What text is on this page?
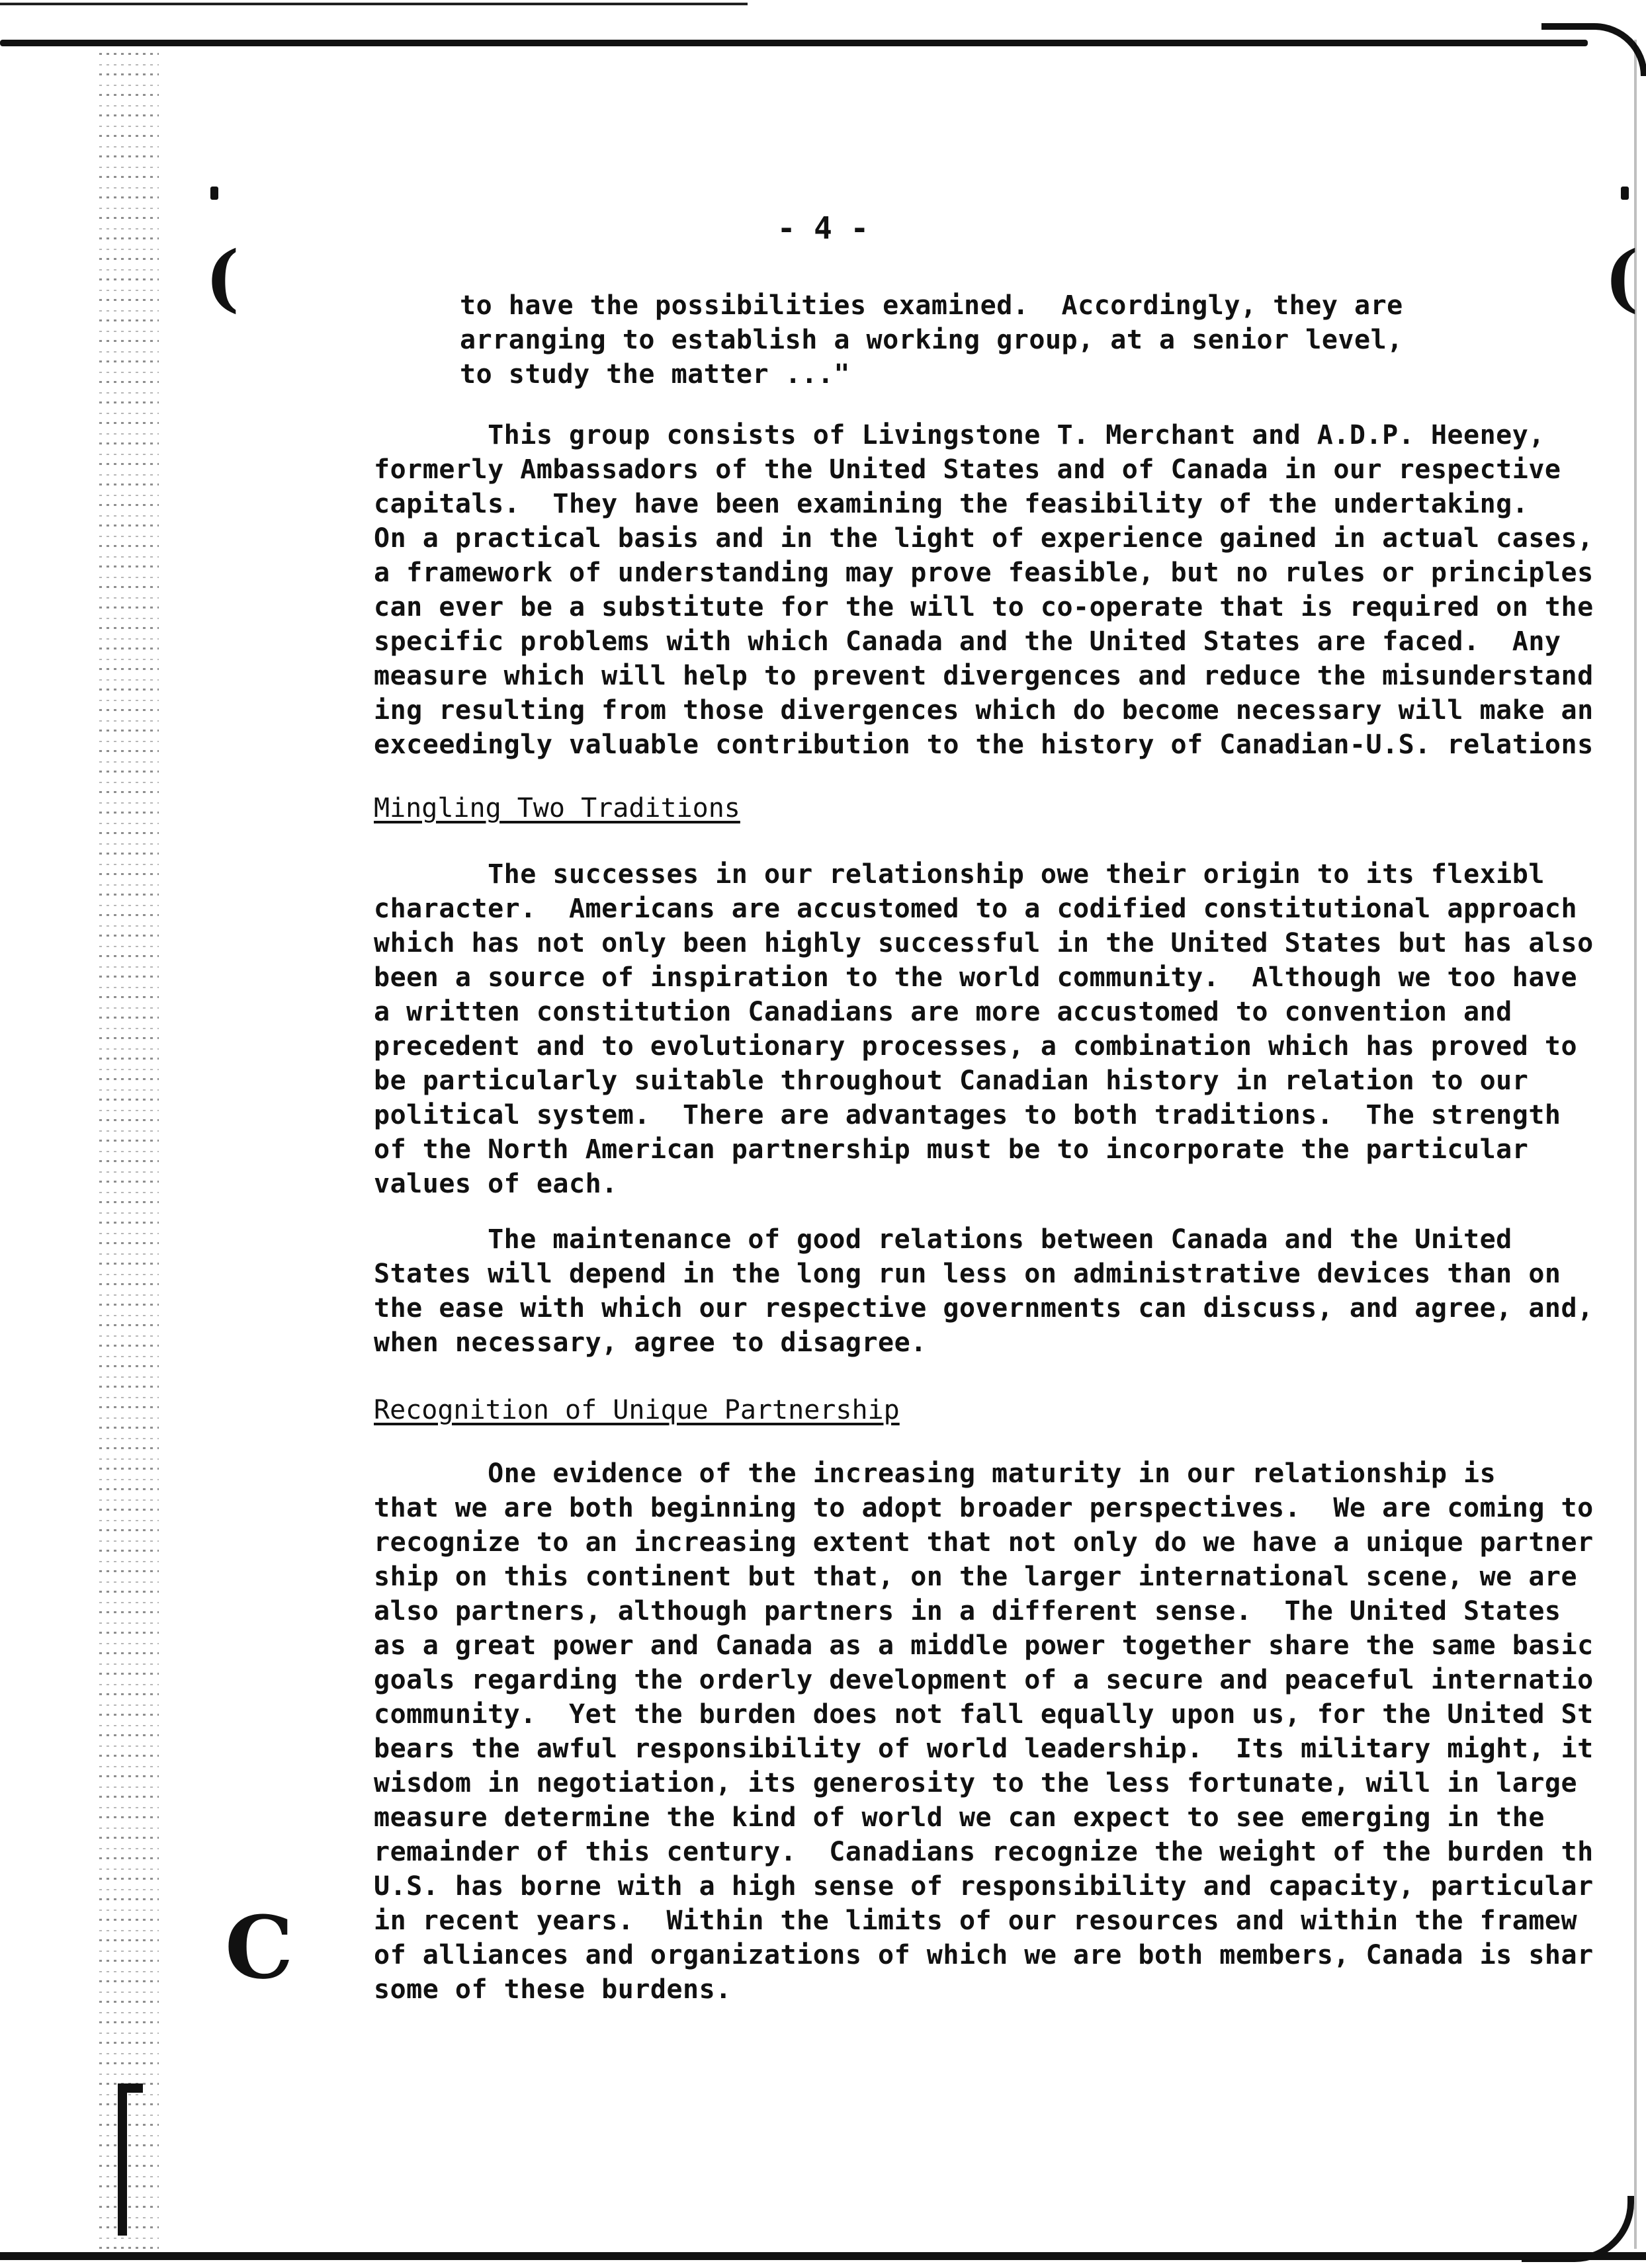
(	(
C
- 4 -
to have the possibilities examined.  Accordingly, they are
arranging to establish a working group, at a senior level,
to study the matter ..."
This group consists of Livingstone T. Merchant and A.D.P. Heeney,
formerly Ambassadors of the United States and of Canada in our respective
capitals.  They have been examining the feasibility of the undertaking.
On a practical basis and in the light of experience gained in actual cases,
a framework of understanding may prove feasible, but no rules or principles
can ever be a substitute for the will to co-operate that is required on the
specific problems with which Canada and the United States are faced.  Any
measure which will help to prevent divergences and reduce the misunderstand
ing resulting from those divergences which do become necessary will make an
exceedingly valuable contribution to the history of Canadian-U.S. relations
Mingling Two Traditions
The successes in our relationship owe their origin to its flexibl
character.  Americans are accustomed to a codified constitutional approach
which has not only been highly successful in the United States but has also
been a source of inspiration to the world community.  Although we too have
a written constitution Canadians are more accustomed to convention and
precedent and to evolutionary processes, a combination which has proved to
be particularly suitable throughout Canadian history in relation to our
political system.  There are advantages to both traditions.  The strength
of the North American partnership must be to incorporate the particular
values of each.
The maintenance of good relations between Canada and the United
States will depend in the long run less on administrative devices than on
the ease with which our respective governments can discuss, and agree, and,
when necessary, agree to disagree.
Recognition of Unique Partnership
One evidence of the increasing maturity in our relationship is
that we are both beginning to adopt broader perspectives.  We are coming to
recognize to an increasing extent that not only do we have a unique partner
ship on this continent but that, on the larger international scene, we are
also partners, although partners in a different sense.  The United States
as a great power and Canada as a middle power together share the same basic
goals regarding the orderly development of a secure and peaceful internatio
community.  Yet the burden does not fall equally upon us, for the United St
bears the awful responsibility of world leadership.  Its military might, it
wisdom in negotiation, its generosity to the less fortunate, will in large
measure determine the kind of world we can expect to see emerging in the
remainder of this century.  Canadians recognize the weight of the burden th
U.S. has borne with a high sense of responsibility and capacity, particular
in recent years.  Within the limits of our resources and within the framew
of alliances and organizations of which we are both members, Canada is shar
some of these burdens.
